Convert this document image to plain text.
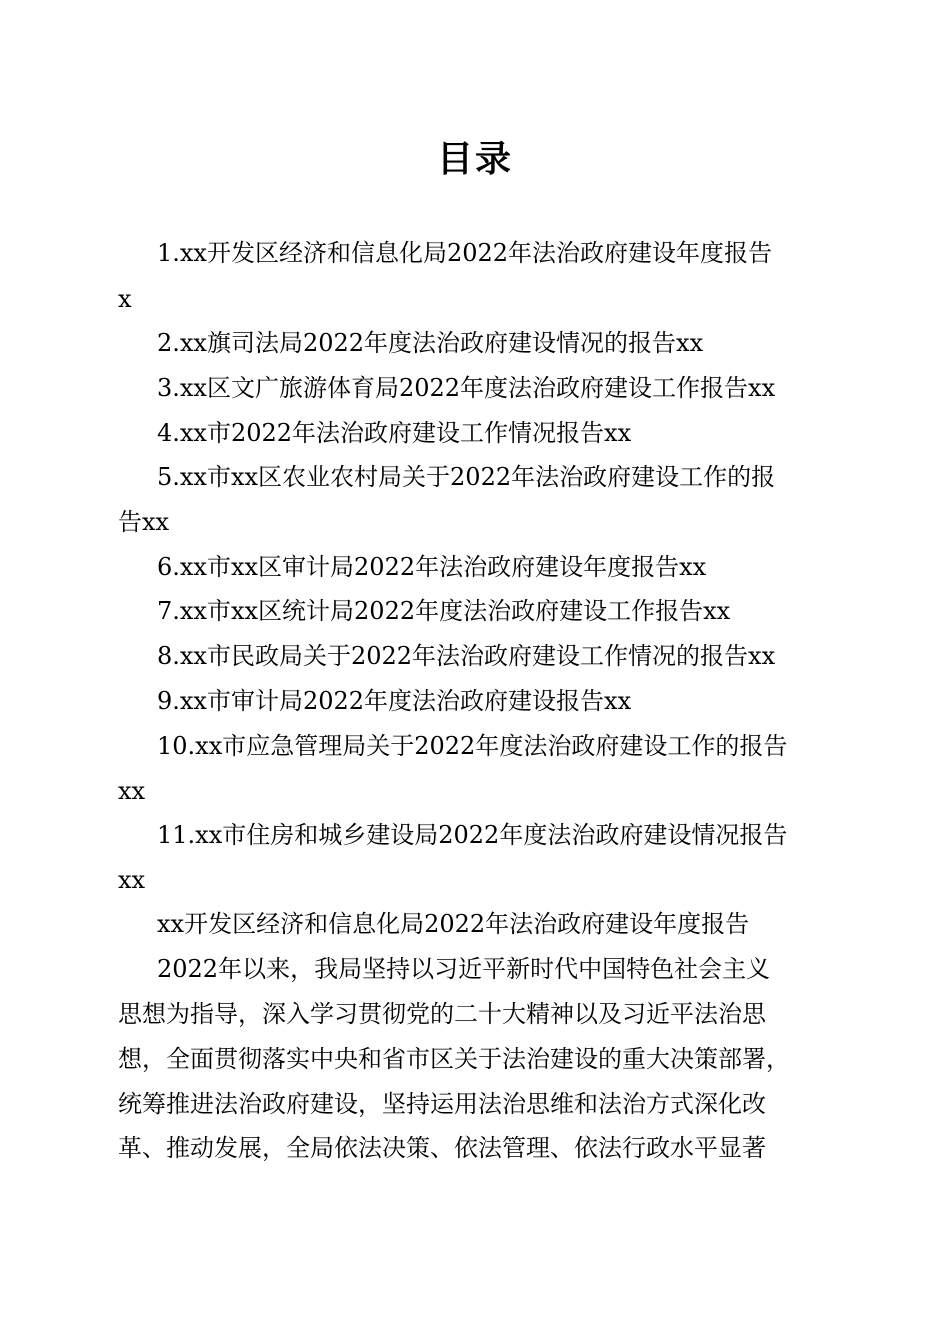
目录
1.xx开发区经济和信息化局2022年法治政府建设年度报告
x
2.xx旗司法局2022年度法治政府建设情况的报告xx
3.xx区文广旅游体育局2022年度法治政府建设工作报告xx
4.xx市2022年法治政府建设工作情况报告xx
5.xx市xx区农业农村局关于2022年法治政府建设工作的报
告xx
6.xx市xx区审计局2022年法治政府建设年度报告xx
7.xx市xx区统计局2022年度法治政府建设工作报告xx
8.xx市民政局关于2022年法治政府建设工作情况的报告xx
9.xx市审计局2022年度法治政府建设报告xx
10.xx市应急管理局关于2022年度法治政府建设工作的报告
xx
11.xx市住房和城乡建设局2022年度法治政府建设情况报告
xx
xx开发区经济和信息化局2022年法治政府建设年度报告
2022年以来，我局坚持以习近平新时代中国特色社会主义
思想为指导，深入学习贯彻党的二十大精神以及习近平法治思
想，全面贯彻落实中央和省市区关于法治建设的重大决策部署，
统筹推进法治政府建设，坚持运用法治思维和法治方式深化改
革、推动发展，全局依法决策、依法管理、依法行政水平显著
